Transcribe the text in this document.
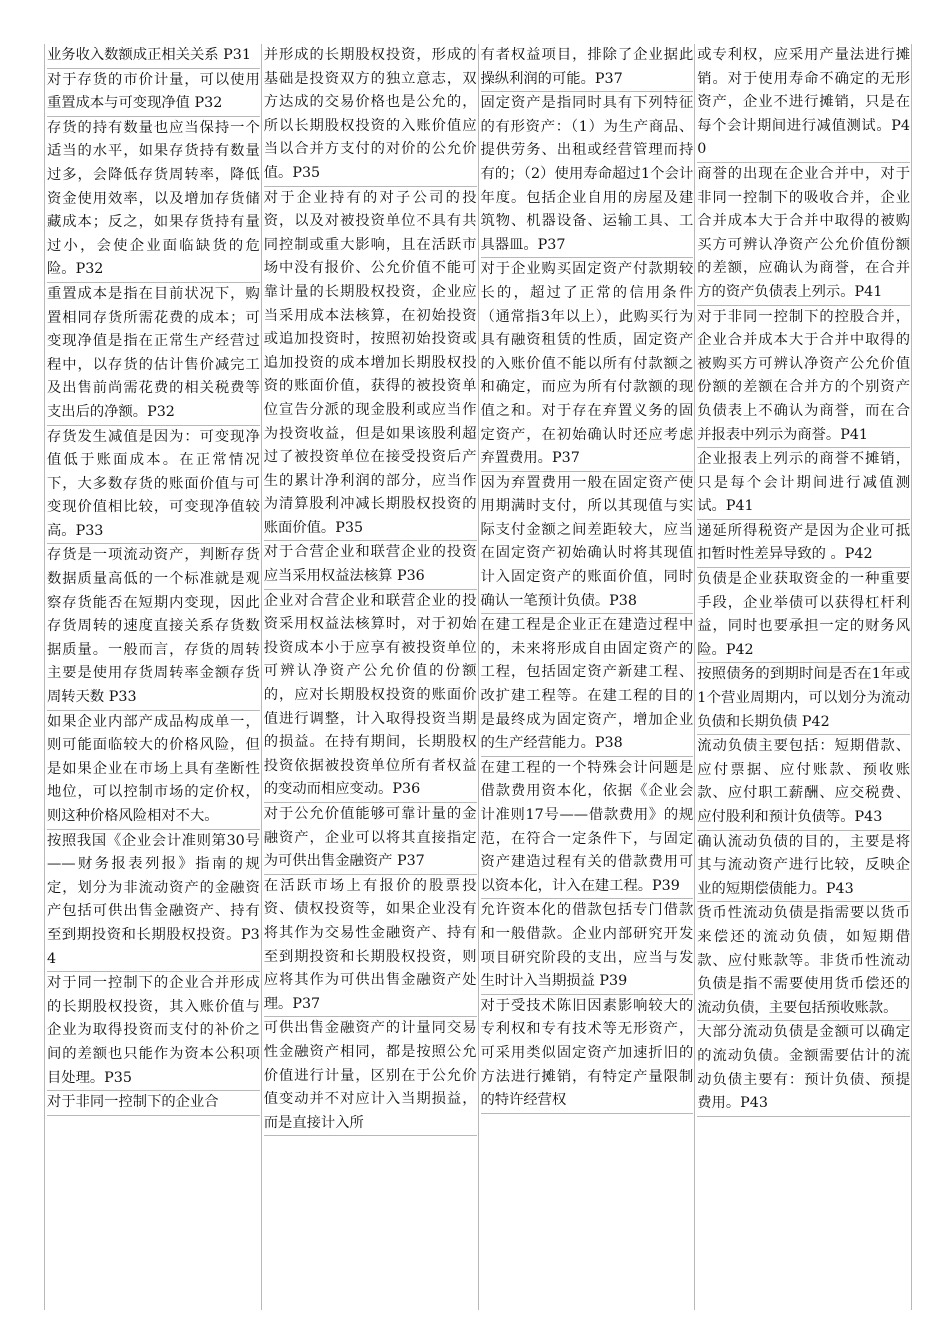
业务收入数额成正相关关系 P31

对于存货的市价计量，可以使用重置成本与可变现净值 P32

存货的持有数量也应当保持一个适当的水平，如果存货持有数量过多，会降低存货周转率，降低资金使用效率，以及增加存货储藏成本；反之，如果存货持有量过小，会使企业面临缺货的危险。P32

重置成本是指在目前状况下，购置相同存货所需花费的成本；可变现净值是指在正常生产经营过程中，以存货的估计售价减完工及出售前尚需花费的相关税费等支出后的净额。P32

存货发生减值是因为：可变现净值低于账面成本。在正常情况下，大多数存货的账面价值与可变现价值相比较，可变现净值较高。P33

存货是一项流动资产，判断存货数据质量高低的一个标准就是观察存货能否在短期内变现，因此存货周转的速度直接关系存货数据质量。一般而言，存货的周转主要是使用存货周转率金额存货周转天数 P33

如果企业内部产成品构成单一，则可能面临较大的价格风险，但是如果企业在市场上具有垄断性地位，可以控制市场的定价权，则这种价格风险相对不大。

按照我国《企业会计准则第30号——财务报表列报》指南的规定，划分为非流动资产的金融资产包括可供出售金融资产、持有至到期投资和长期股权投资。P34

对于同一控制下的企业合并形成的长期股权投资，其入账价值与企业为取得投资而支付的补价之间的差额也只能作为资本公积项目处理。P35

对于非同一控制下的企业合

并形成的长期股权投资，形成的基础是投资双方的独立意志，双方达成的交易价格也是公允的，所以长期股权投资的入账价值应当以合并方支付的对价的公允价值。P35

对于企业持有的对子公司的投资，以及对被投资单位不具有共同控制或重大影响，且在活跃市场中没有报价、公允价值不能可靠计量的长期股权投资，企业应当采用成本法核算，在初始投资或追加投资时，按照初始投资或追加投资的成本增加长期股权投资的账面价值，获得的被投资单位宣告分派的现金股利或应当作为投资收益，但是如果该股利超过了被投资单位在接受投资后产生的累计净利润的部分，应当作为清算股利冲减长期股权投资的账面价值。P35

对于合营企业和联营企业的投资应当采用权益法核算 P36

企业对合营企业和联营企业的投资采用权益法核算时，对于初始投资成本小于应享有被投资单位可辨认净资产公允价值的份额的，应对长期股权投资的账面价值进行调整，计入取得投资当期的损益。在持有期间，长期股权投资依据被投资单位所有者权益的变动而相应变动。P36

对于公允价值能够可靠计量的金融资产，企业可以将其直接指定为可供出售金融资产 P37

在活跃市场上有报价的股票投资、债权投资等，如果企业没有将其作为交易性金融资产、持有至到期投资和长期股权投资，则应将其作为可供出售金融资产处理。P37

可供出售金融资产的计量同交易性金融资产相同，都是按照公允价值进行计量，区别在于公允价值变动并不对应计入当期损益，而是直接计入所

有者权益项目，排除了企业据此操纵利润的可能。P37

固定资产是指同时具有下列特征的有形资产：（1）为生产商品、提供劳务、出租或经营管理而持有的；（2）使用寿命超过1个会计年度。包括企业自用的房屋及建筑物、机器设备、运输工具、工具器皿。P37

对于企业购买固定资产付款期较长的，超过了正常的信用条件（通常指3年以上），此购买行为具有融资租赁的性质，固定资产的入账价值不能以所有付款额之和确定，而应为所有付款额的现值之和。对于存在弃置义务的固定资产，在初始确认时还应考虑弃置费用。P37

因为弃置费用一般在固定资产使用期满时支付，所以其现值与实际支付金额之间差距较大，应当在固定资产初始确认时将其现值计入固定资产的账面价值，同时确认一笔预计负债。P38

在建工程是企业正在建造过程中的，未来将形成自由固定资产的工程，包括固定资产新建工程、改扩建工程等。在建工程的目的是最终成为固定资产，增加企业的生产经营能力。P38

在建工程的一个特殊会计问题是借款费用资本化，依据《企业会计准则17号——借款费用》的规范，在符合一定条件下，与固定资产建造过程有关的借款费用可以资本化，计入在建工程。P39

允许资本化的借款包括专门借款和一般借款。企业内部研究开发项目研究阶段的支出，应当与发生时计入当期损益 P39

对于受技术陈旧因素影响较大的专利权和专有技术等无形资产，可采用类似固定资产加速折旧的方法进行摊销，有特定产量限制的特许经营权

或专利权，应采用产量法进行摊销。对于使用寿命不确定的无形资产，企业不进行摊销，只是在每个会计期间进行减值测试。P40

商誉的出现在企业合并中，对于非同一控制下的吸收合并，企业合并成本大于合并中取得的被购买方可辨认净资产公允价值份额的差额，应确认为商誉，在合并方的资产负债表上列示。P41

对于非同一控制下的控股合并，企业合并成本大于合并中取得的被购买方可辨认净资产公允价值份额的差额在合并方的个别资产负债表上不确认为商誉，而在合并报表中列示为商誉。P41

企业报表上列示的商誉不摊销，只是每个会计期间进行减值测试。P41

递延所得税资产是因为企业可抵扣暂时性差异导致的 。P42

负债是企业获取资金的一种重要手段，企业举债可以获得杠杆利益，同时也要承担一定的财务风险。P42

按照债务的到期时间是否在1年或1个营业周期内，可以划分为流动负债和长期负债 P42

流动负债主要包括：短期借款、应付票据、应付账款、预收账款、应付职工薪酬、应交税费、应付股利和预计负债等。P43

确认流动负债的目的，主要是将其与流动资产进行比较，反映企业的短期偿债能力。P43

货币性流动负债是指需要以货币来偿还的流动负债，如短期借款、应付账款等。非货币性流动负债是指不需要使用货币偿还的流动负债，主要包括预收账款。

大部分流动负债是金额可以确定的流动负债。金额需要估计的流动负债主要有：预计负债、预提费用。P43
